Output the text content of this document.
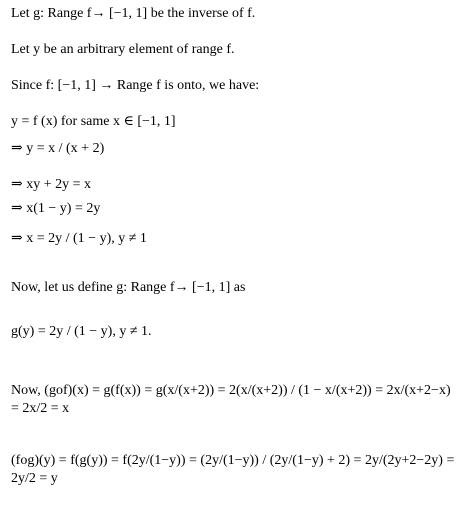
Let g: Range f→ [−1, 1] be the inverse of f.
Let y be an arbitrary element of range f.
Since f: [−1, 1] → Range f is onto, we have:
y = f (x) for same x ∈ [−1, 1]
⇒ y = x / (x + 2)
⇒ xy + 2y = x
⇒ x(1 − y) = 2y
⇒ x = 2y / (1 − y), y ≠ 1
Now, let us define g: Range f→ [−1, 1] as
g(y) = 2y / (1 − y), y ≠ 1.
Now, (gof)(x) = g(f(x)) = g(x/(x+2)) = 2(x/(x+2)) / (1 − x/(x+2)) = 2x/(x+2−x) = 2x/2 = x
(fog)(y) = f(g(y)) = f(2y/(1−y)) = (2y/(1−y)) / (2y/(1−y) + 2) = 2y/(2y+2−2y) = 2y/2 = y
